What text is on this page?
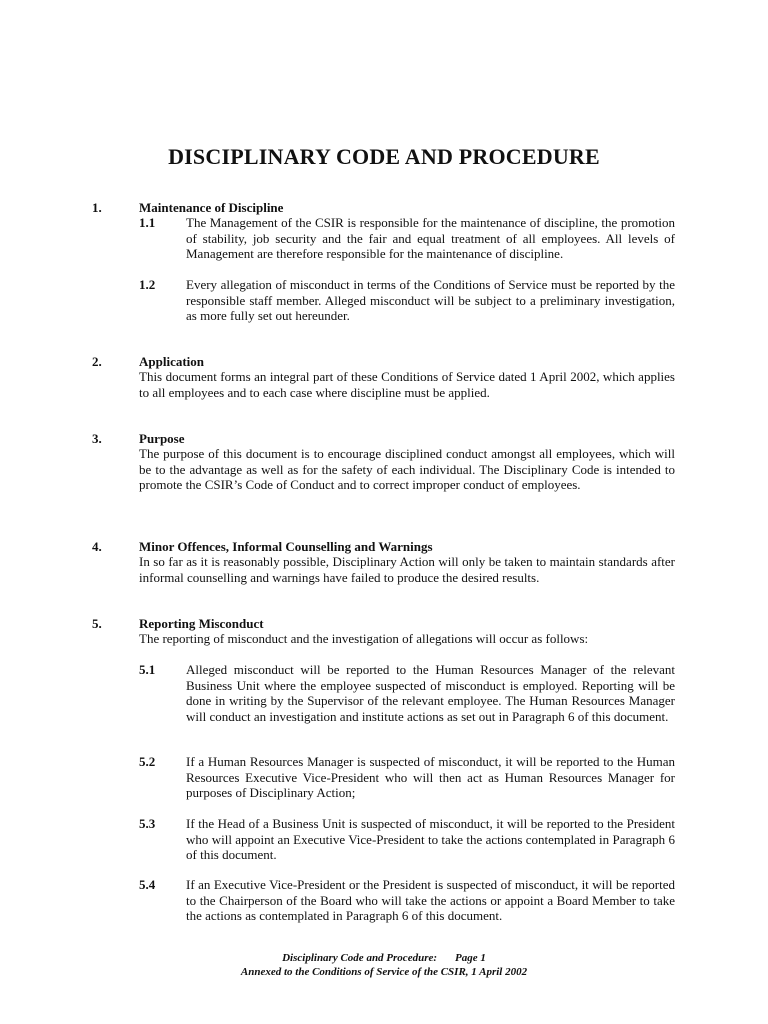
DISCIPLINARY CODE AND PROCEDURE
1.	Maintenance of Discipline
1.1 The Management of the CSIR is responsible for the maintenance of discipline, the promotion of stability, job security and the fair and equal treatment of all employees. All levels of Management are therefore responsible for the maintenance of discipline.
1.2 Every allegation of misconduct in terms of the Conditions of Service must be reported by the responsible staff member. Alleged misconduct will be subject to a preliminary investigation, as more fully set out hereunder.
2.	Application
This document forms an integral part of these Conditions of Service dated 1 April 2002, which applies to all employees and to each case where discipline must be applied.
3.	Purpose
The purpose of this document is to encourage disciplined conduct amongst all employees, which will be to the advantage as well as for the safety of each individual. The Disciplinary Code is intended to promote the CSIR’s Code of Conduct and to correct improper conduct of employees.
4.	Minor Offences, Informal Counselling and Warnings
In so far as it is reasonably possible, Disciplinary Action will only be taken to maintain standards after informal counselling and warnings have failed to produce the desired results.
5.	Reporting Misconduct
The reporting of misconduct and the investigation of allegations will occur as follows:
5.1 Alleged misconduct will be reported to the Human Resources Manager of the relevant Business Unit where the employee suspected of misconduct is employed. Reporting will be done in writing by the Supervisor of the relevant employee. The Human Resources Manager will conduct an investigation and institute actions as set out in Paragraph 6 of this document.
5.2 If a Human Resources Manager is suspected of misconduct, it will be reported to the Human Resources Executive Vice-President who will then act as Human Resources Manager for purposes of Disciplinary Action;
5.3 If the Head of a Business Unit is suspected of misconduct, it will be reported to the President who will appoint an Executive Vice-President to take the actions contemplated in Paragraph 6 of this document.
5.4 If an Executive Vice-President or the President is suspected of misconduct, it will be reported to the Chairperson of the Board who will take the actions or appoint a Board Member to take the actions as contemplated in Paragraph 6 of this document.
Disciplinary Code and Procedure: Page 1
Annexed to the Conditions of Service of the CSIR, 1 April 2002
